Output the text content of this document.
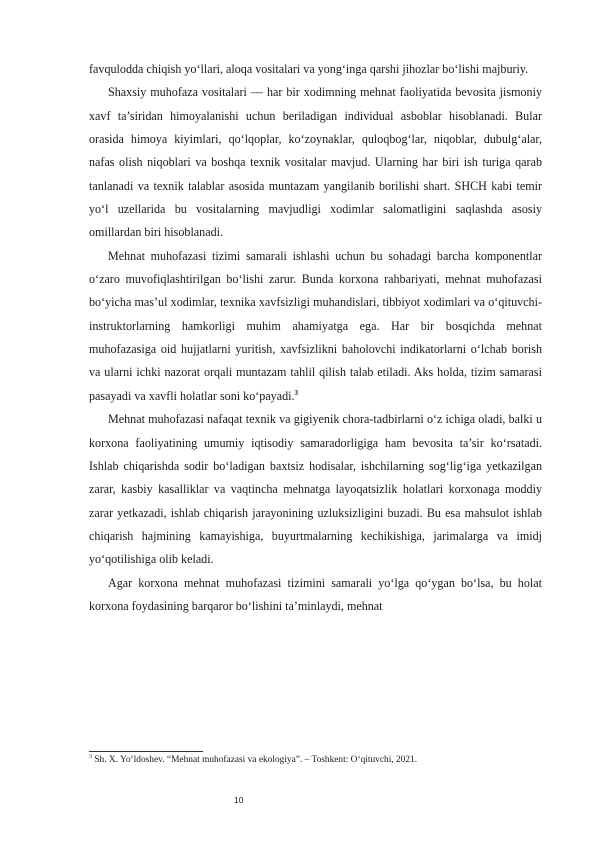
favqulodda chiqish yo‘llari, aloqa vositalari va yong‘inga qarshi jihozlar bo‘lishi majburiy.

Shaxsiy muhofaza vositalari — har bir xodimning mehnat faoliyatida bevosita jismoniy xavf ta’siridan himoyalanishi uchun beriladigan individual asboblar hisoblanadi. Bular orasida himoya kiyimlari, qo‘lqoplar, ko‘zoynaklar, quloqbog‘lar, niqoblar, dubulg‘alar, nafas olish niqoblari va boshqa texnik vositalar mavjud. Ularning har biri ish turiga qarab tanlanadi va texnik talablar asosida muntazam yangilanib borilishi shart. SHCH kabi temir yo‘l uzellarida bu vositalarning mavjudligi xodimlar salomatligini saqlashda asosiy omillardan biri hisoblanadi.

Mehnat muhofazasi tizimi samarali ishlashi uchun bu sohadagi barcha komponentlar o‘zaro muvofiqlashtirilgan bo‘lishi zarur. Bunda korxona rahbariyati, mehnat muhofazasi bo‘yicha mas’ul xodimlar, texnika xavfsizligi muhandislari, tibbiyot xodimlari va o‘qituvchi-instruktorlarning hamkorligi muhim ahamiyatga ega. Har bir bosqichda mehnat muhofazasiga oid hujjatlarni yuritish, xavfsizlikni baholovchi indikatorlarni o‘lchab borish va ularni ichki nazorat orqali muntazam tahlil qilish talab etiladi. Aks holda, tizim samarasi pasayadi va xavfli holatlar soni ko‘payadi.$^3$

Mehnat muhofazasi nafaqat texnik va gigiyenik chora-tadbirlarni o‘z ichiga oladi, balki u korxona faoliyatining umumiy iqtisodiy samaradorligiga ham bevosita ta’sir ko‘rsatadi. Ishlab chiqarishda sodir bo‘ladigan baxtsiz hodisalar, ishchilarning sog‘lig‘iga yetkazilgan zarar, kasbiy kasalliklar va vaqtincha mehnatga layoqatsizlik holatlari korxonaga moddiy zarar yetkazadi, ishlab chiqarish jarayonining uzluksizligini buzadi. Bu esa mahsulot ishlab chiqarish hajmining kamayishiga, buyurtmalarning kechikishiga, jarimalarga va imidj yo‘qotilishiga olib keladi.

Agar korxona mehnat muhofazasi tizimini samarali yo‘lga qo‘ygan bo‘lsa, bu holat korxona foydasining barqaror bo‘lishini ta’minlaydi, mehnat

$^3$ Sh. X. Yo‘ldoshev. “Mehnat muhofazasi va ekologiya”. – Toshkent: O‘qituvchi, 2021.
10
